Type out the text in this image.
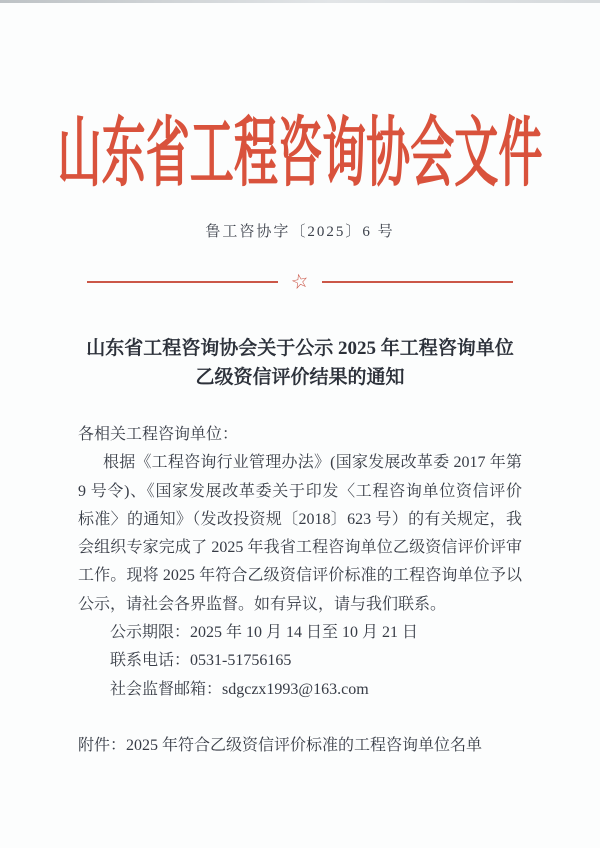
山东省工程咨询协会文件
鲁工咨协字〔2025〕6 号
☆
山东省工程咨询协会关于公示 2025 年工程咨询单位
乙级资信评价结果的通知
各相关工程咨询单位：
根据《工程咨询行业管理办法》(国家发展改革委 2017 年第
9 号令)、《国家发展改革委关于印发〈工程咨询单位资信评价
标准〉的通知》（发改投资规〔2018〕623 号）的有关规定，我
会组织专家完成了 2025 年我省工程咨询单位乙级资信评价评审
工作。现将 2025 年符合乙级资信评价标准的工程咨询单位予以
公示，请社会各界监督。如有异议，请与我们联系。
公示期限：2025 年 10 月 14 日至 10 月 21 日
联系电话：0531-51756165
社会监督邮箱：sdgczx1993@163.com
附件：2025 年符合乙级资信评价标准的工程咨询单位名单
